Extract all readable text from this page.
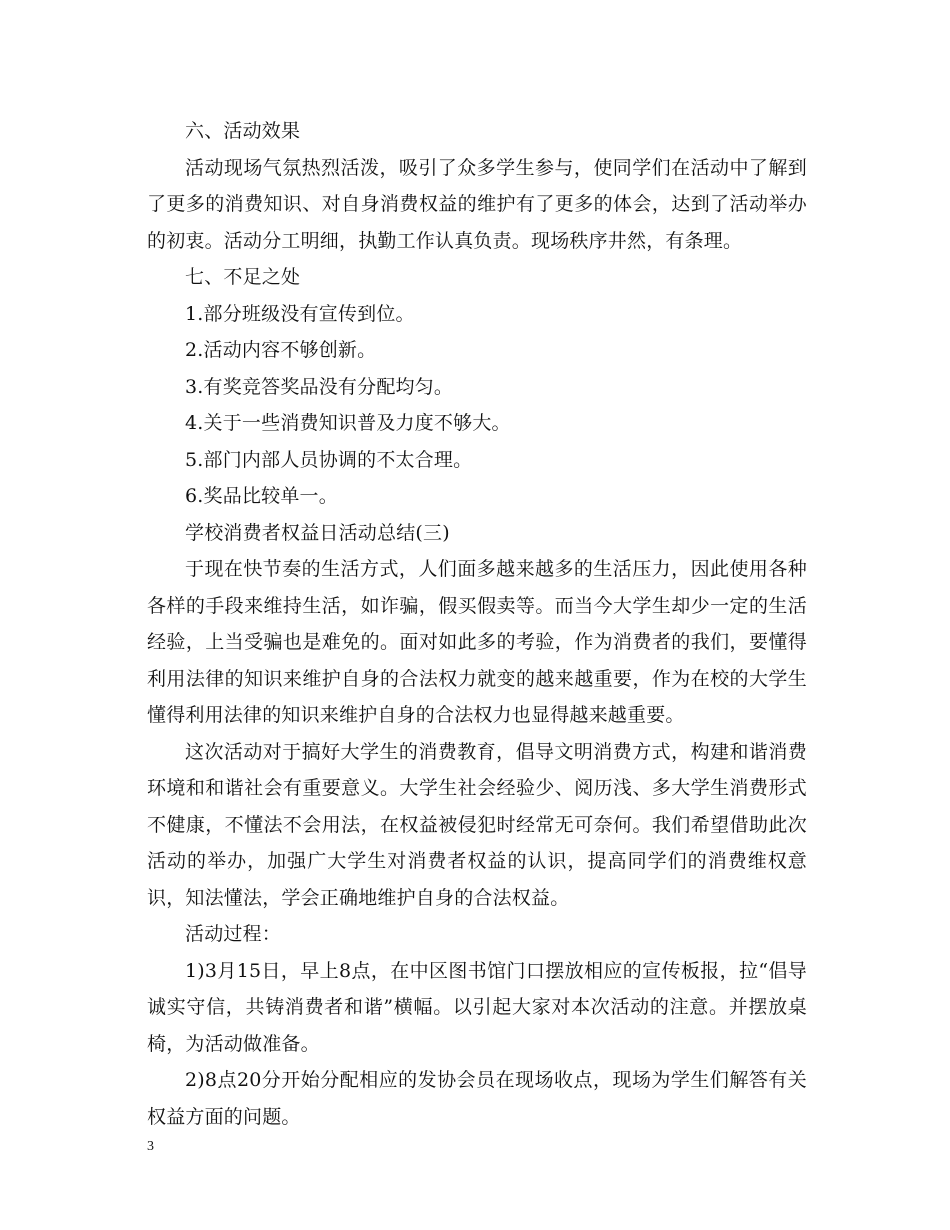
六、活动效果

活动现场气氛热烈活泼，吸引了众多学生参与，使同学们在活动中了解到了更多的消费知识、对自身消费权益的维护有了更多的体会，达到了活动举办的初衷。活动分工明细，执勤工作认真负责。现场秩序井然，有条理。

七、不足之处

1.部分班级没有宣传到位。

2.活动内容不够创新。

3.有奖竞答奖品没有分配均匀。

4.关于一些消费知识普及力度不够大。

5.部门内部人员协调的不太合理。

6.奖品比较单一。

学校消费者权益日活动总结(三)

于现在快节奏的生活方式，人们面多越来越多的生活压力，因此使用各种各样的手段来维持生活，如诈骗，假买假卖等。而当今大学生却少一定的生活经验，上当受骗也是难免的。面对如此多的考验，作为消费者的我们，要懂得利用法律的知识来维护自身的合法权力就变的越来越重要，作为在校的大学生懂得利用法律的知识来维护自身的合法权力也显得越来越重要。

这次活动对于搞好大学生的消费教育，倡导文明消费方式，构建和谐消费环境和和谐社会有重要意义。大学生社会经验少、阅历浅、多大学生消费形式不健康，不懂法不会用法，在权益被侵犯时经常无可奈何。我们希望借助此次活动的举办，加强广大学生对消费者权益的认识，提高同学们的消费维权意识，知法懂法，学会正确地维护自身的合法权益。

活动过程：

1)3月15日，早上8点，在中区图书馆门口摆放相应的宣传板报，拉“倡导诚实守信，共铸消费者和谐”横幅。以引起大家对本次活动的注意。并摆放桌椅，为活动做准备。

2)8点20分开始分配相应的发协会员在现场收点，现场为学生们解答有关权益方面的问题。

3
